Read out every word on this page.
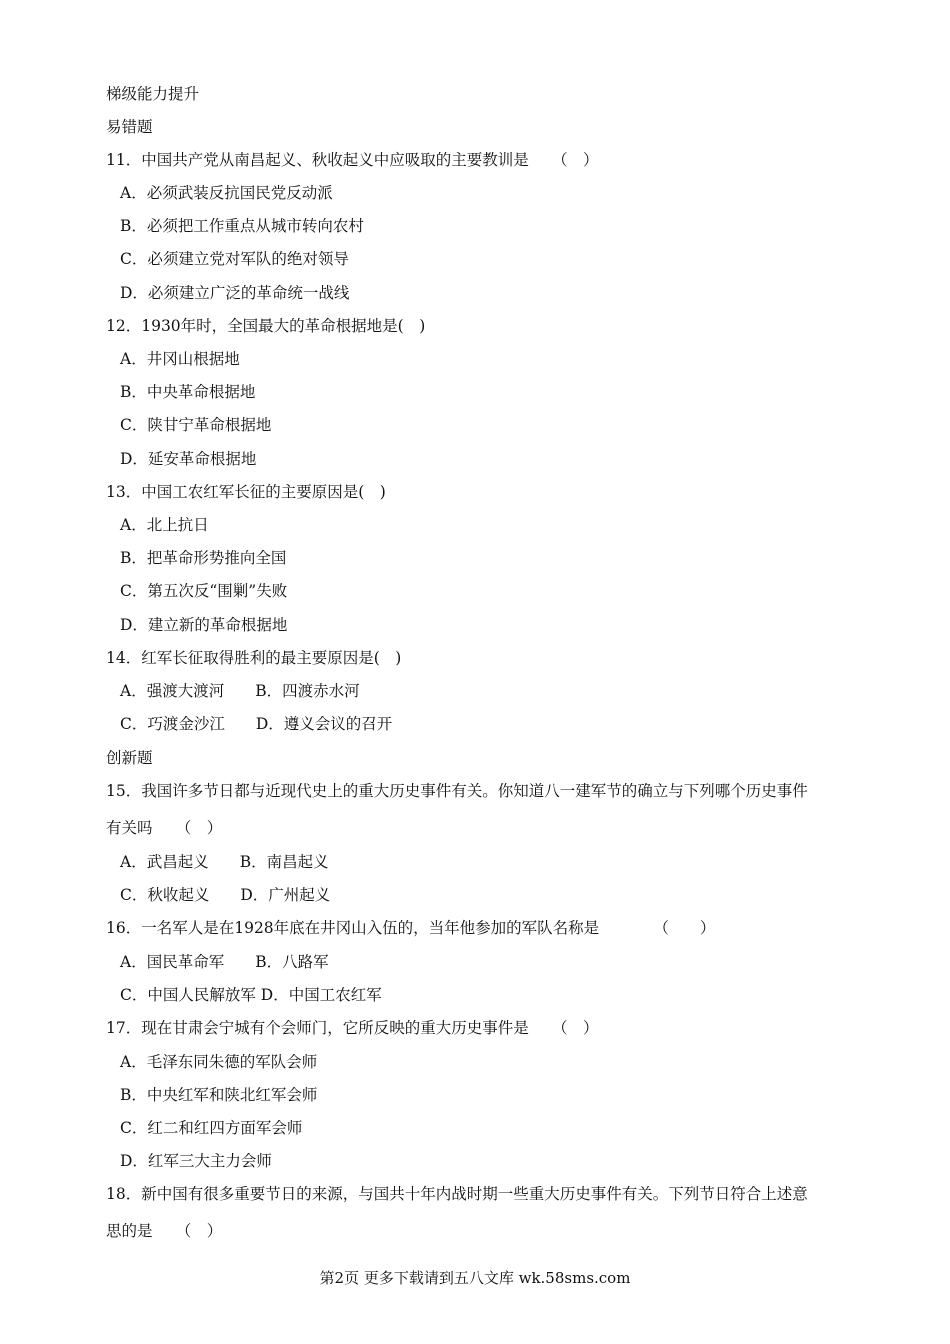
梯级能力提升
易错题
11．中国共产党从南昌起义、秋收起义中应吸取的主要教训是　　（　）
A．必须武装反抗国民党反动派
B．必须把工作重点从城市转向农村
C．必须建立党对军队的绝对领导
D．必须建立广泛的革命统一战线
12．1930年时，全国最大的革命根据地是(　)
A．井冈山根据地
B．中央革命根据地
C．陕甘宁革命根据地
D．延安革命根据地
13．中国工农红军长征的主要原因是(　)
A．北上抗日
B．把革命形势推向全国
C．第五次反“围剿”失败
D．建立新的革命根据地
14．红军长征取得胜利的最主要原因是(　)
A．强渡大渡河　　B．四渡赤水河
C．巧渡金沙江　　D．遵义会议的召开
创新题
15．我国许多节日都与近现代史上的重大历史事件有关。你知道八一建军节的确立与下列哪个历史事件
有关吗　　（　）
A．武昌起义　　B．南昌起义
C．秋收起义　　D．广州起义
16．一名军人是在1928年底在井冈山入伍的，当年他参加的军队名称是　　　　（　　）
A．国民革命军　　B．八路军
C．中国人民解放军 D．中国工农红军
17．现在甘肃会宁城有个会师门，它所反映的重大历史事件是　　（　）
A．毛泽东同朱德的军队会师
B．中央红军和陕北红军会师
C．红二和红四方面军会师
D．红军三大主力会师
18．新中国有很多重要节日的来源，与国共十年内战时期一些重大历史事件有关。下列节日符合上述意
思的是　　（　）
第2页 更多下载请到五八文库 wk.58sms.com
